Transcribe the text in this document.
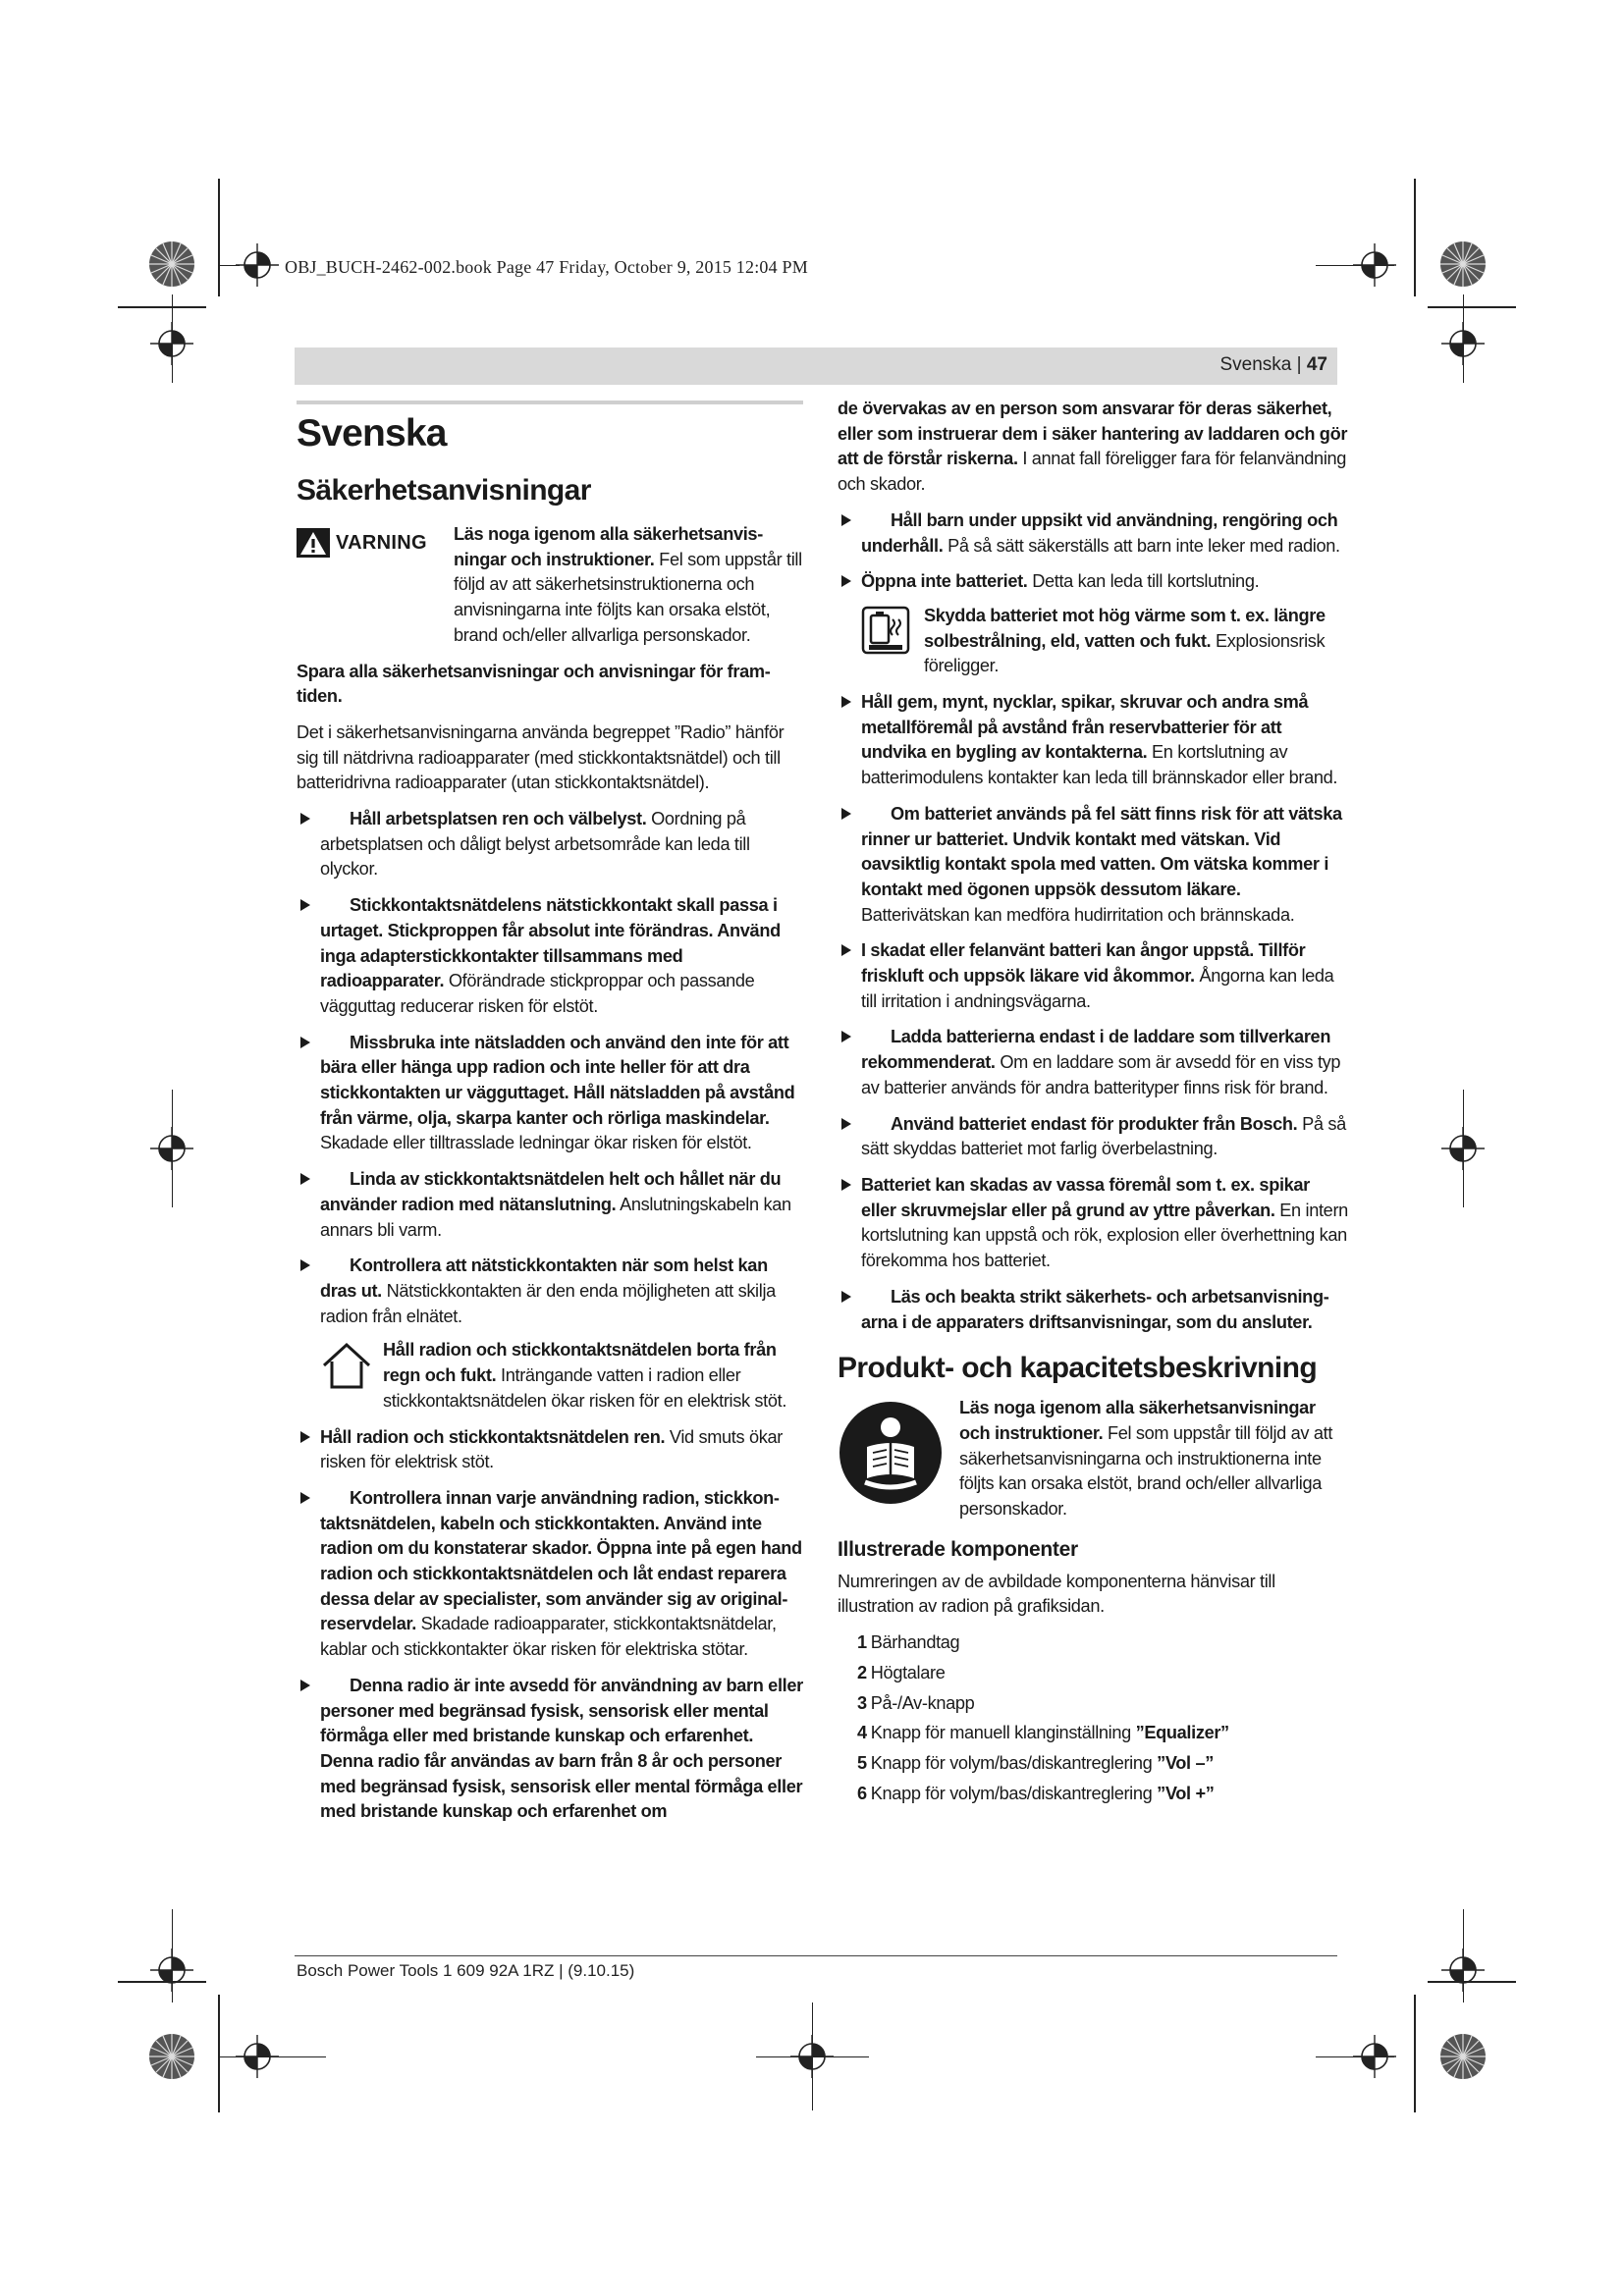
OBJ_BUCH-2462-002.book Page 47 Friday, October 9, 2015 12:04 PM
Svenska | 47
Svenska
Säkerhetsanvisningar
VARNING	Läs noga igenom alla säkerhetsanvisningar och instruktioner. Fel som uppstår till följd av att säkerhetsinstruktionerna och anvisningarna inte följts kan orsaka elstöt, brand och/eller allvarliga personskador.

Spara alla säkerhetsanvisningar och anvisningar för framtiden.

Det i säkerhetsanvisningarna använda begreppet ”Radio” hänför sig till nätdrivna radioapparater (med stickkontaktsnätdel) och till batteridrivna radioapparater (utan stickkontaktsnätdel).

Håll arbetsplatsen ren och välbelyst. Oordning på arbetsplatsen och dåligt belyst arbetsområde kan leda till olyckor.
Stickkontaktsnätdelens nätstickkontakt skall passa i urtaget. Stickproppen får absolut inte förändras. Använd inga adapterstickkontakter tillsammans med radioapparater. Oförändrade stickproppar och passande vägguttag reducerar risken för elstöt.
Missbruka inte nätsladden och använd den inte för att bära eller hänga upp radion och inte heller för att dra stickkontakten ur vägguttaget. Håll nätsladden på avstånd från värme, olja, skarpa kanter och rörliga maskindelar. Skadade eller tilltrasslade ledningar ökar risken för elstöt.
Linda av stickkontaktsnätdelen helt och hållet när du använder radion med nätanslutning. Anslutningskabeln kan annars bli varm.
Kontrollera att nätstickkontakten när som helst kan dras ut. Nätstickkontakten är den enda möjligheten att skilja radion från elnätet.
Håll radion och stickkontaktsnätdelen borta från regn och fukt. Inträngande vatten i radion eller stickkontaktsnätdelen ökar risken för en elektrisk stöt.
Håll radion och stickkontaktsnätdelen ren. Vid smuts ökar risken för elektrisk stöt.
Kontrollera innan varje användning radion, stickkontaktsnätdelen, kabeln och stickkontakten. Använd inte radion om du konstaterar skador. Öppna inte på egen hand radion och stickkontaktsnätdelen och låt endast reparera dessa delar av specialister, som använder sig av original-reservdelar. Skadade radioapparater, stickkontaktsnätdelar, kablar och stickkontakter ökar risken för elektriska stötar.
Denna radio är inte avsedd för användning av barn eller personer med begränsad fysisk, sensorisk eller mental förmåga eller med bristande kunskap och erfarenhet. Denna radio får användas av barn från 8 år och personer med begränsad fysisk, sensorisk eller mental förmåga eller med bristande kunskap och erfarenhet om

de övervakas av en person som ansvarar för deras säkerhet, eller som instruerar dem i säker hantering av laddaren och gör att de förstår riskerna. I annat fall föreligger fara för felanvändning och skador.

Håll barn under uppsikt vid användning, rengöring och underhåll. På så sätt säkerställs att barn inte leker med radion.
Öppna inte batteriet. Detta kan leda till kortslutning.
Skydda batteriet mot hög värme som t. ex. längre solbestrålning, eld, vatten och fukt. Explosionsrisk föreligger.
Håll gem, mynt, nycklar, spikar, skruvar och andra små metallföremål på avstånd från reservbatterier för att undvika en bygling av kontakterna. En kortslutning av batterimodulens kontakter kan leda till brännskador eller brand.
Om batteriet används på fel sätt finns risk för att vätska rinner ur batteriet. Undvik kontakt med vätskan. Vid oavsiktlig kontakt spola med vatten. Om vätska kommer i kontakt med ögonen uppsök dessutom läkare. Batterivätskan kan medföra hudirritation och brännskada.
I skadat eller felanvänt batteri kan ångor uppstå. Tillför friskluft och uppsök läkare vid åkommor. Ångorna kan leda till irritation i andningsvägarna.
Ladda batterierna endast i de laddare som tillverkaren rekommenderat. Om en laddare som är avsedd för en viss typ av batterier används för andra batterityper finns risk för brand.
Använd batteriet endast för produkter från Bosch. På så sätt skyddas batteriet mot farlig överbelastning.
Batteriet kan skadas av vassa föremål som t. ex. spikar eller skruvmejslar eller på grund av yttre påverkan. En intern kortslutning kan uppstå och rök, explosion eller överhettning kan förekomma hos batteriet.
Läs och beakta strikt säkerhets- och arbetsanvisningarna i de apparaters driftsanvisningar, som du ansluter.
Produkt- och kapacitetsbeskrivning
Läs noga igenom alla säkerhetsanvisningar och instruktioner. Fel som uppstår till följd av att säkerhetsanvisningarna och instruktionerna inte följts kan orsaka elstöt, brand och/eller allvarliga personskador.
Illustrerade komponenter

Numreringen av de avbildade komponenterna hänvisar till illustration av radion på grafiksidan.

1 Bärhandtag
2 Högtalare
3 På-/Av-knapp
4 Knapp för manuell klanginställning ”Equalizer”
5 Knapp för volym/bas/diskantreglering ”Vol –”
6 Knapp för volym/bas/diskantreglering ”Vol +”
Bosch Power Tools 1 609 92A 1RZ | (9.10.15)
